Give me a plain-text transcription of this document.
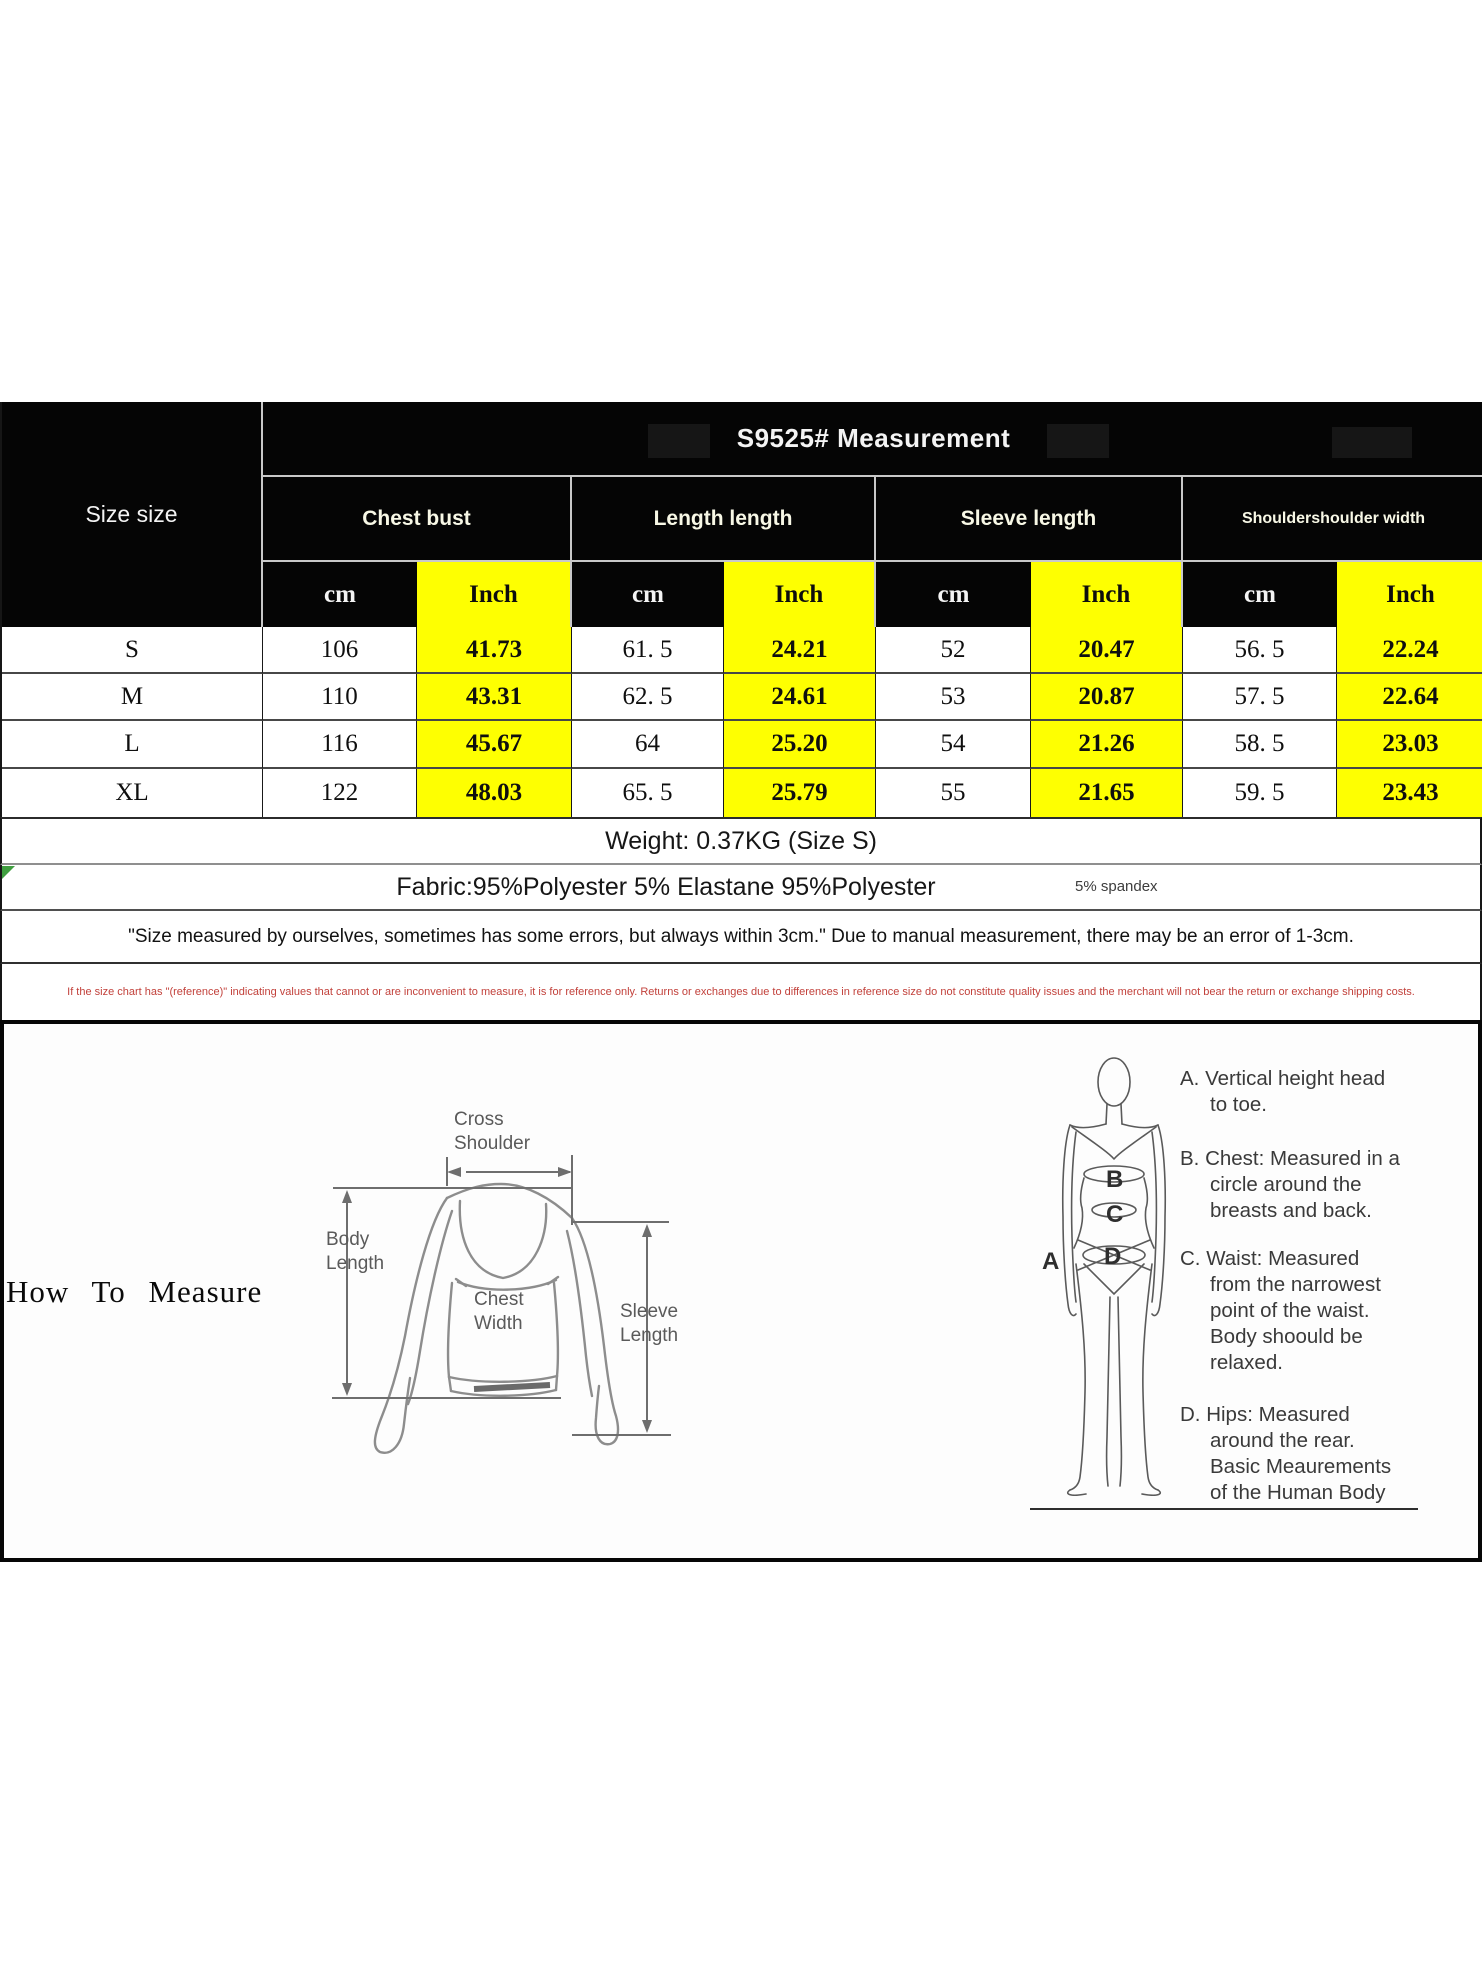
Size size
S9525# Measurement
Chest bust	Length length	Sleeve length	Shouldershoulder width
cm	Inch	cm	Inch	cm	Inch	cm	Inch
S	106	41.73	61. 5	24.21	52	20.47	56. 5	22.24
M	110	43.31	62. 5	24.61	53	20.87	57. 5	22.64
L	116	45.67	64	25.20	54	21.26	58. 5	23.03
XL	122	48.03	65. 5	25.79	55	21.65	59. 5	23.43
Weight: 0.37KG (Size S)
Fabric:95%Polyester 5% Elastane 95%Polyester	5% spandex
"Size measured by ourselves, sometimes has some errors, but always within 3cm." Due to manual measurement, there may be an error of 1-3cm.
If the size chart has "(reference)" indicating values that cannot or are inconvenient to measure, it is for reference only. Returns or exchanges due to differences in reference size do not constitute quality issues and the merchant will not bear the return or exchange shipping costs.
How To Measure
Cross
Shoulder
Body
Length
Chest
Width
Sleeve
Length
A
B
C
D
A. Vertical height head
to toe.
B. Chest: Measured in a
circle around the
breasts and back.
C. Waist: Measured
from the narrowest
point of the waist.
Body shoould be
relaxed.
D. Hips: Measured
around the rear.
Basic Meaurements
of the Human Body
